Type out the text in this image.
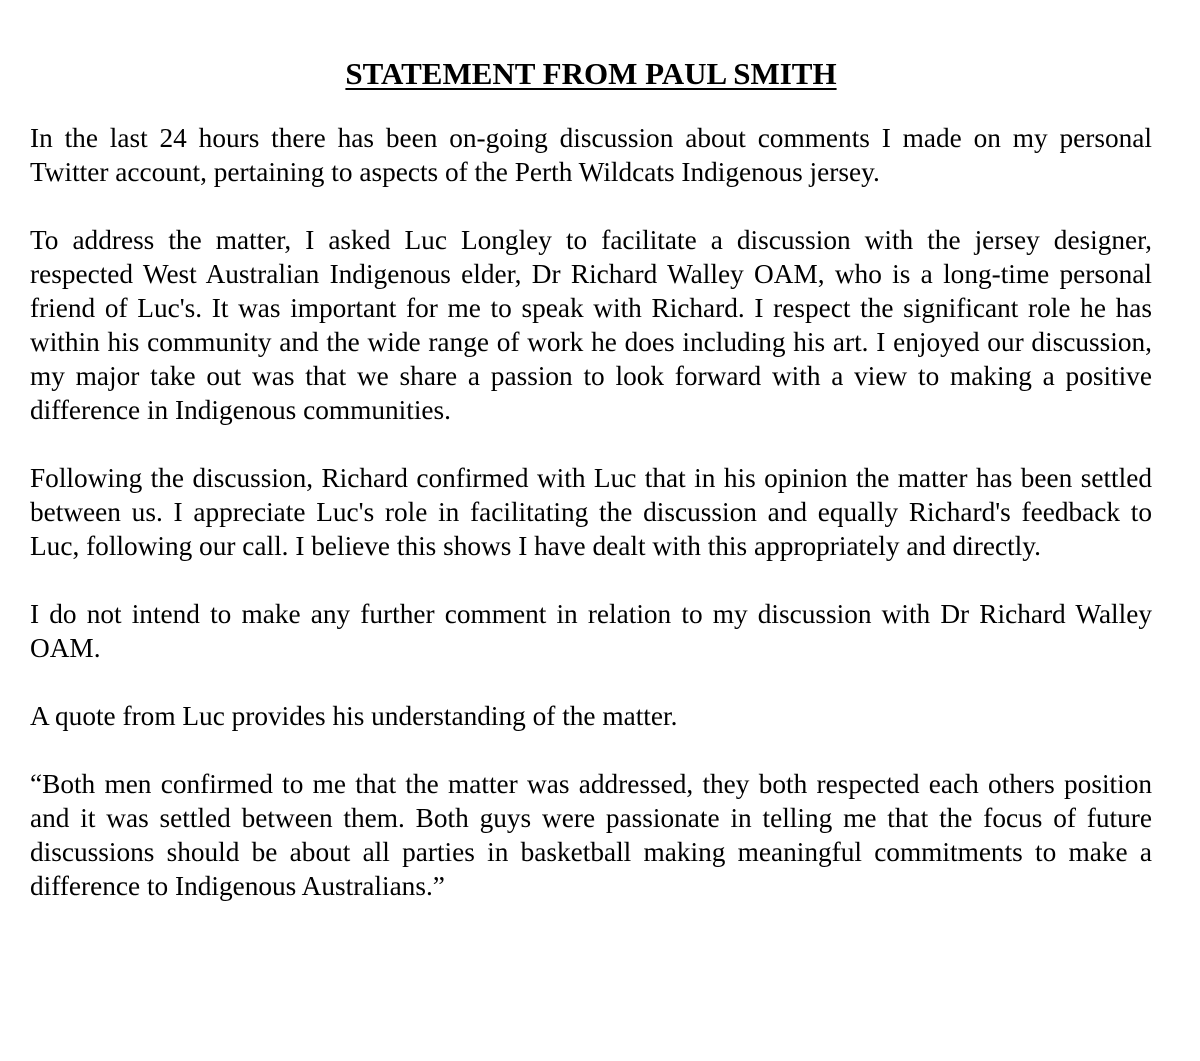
STATEMENT FROM PAUL SMITH

In the last 24 hours there has been on-going discussion about comments I made on my personal Twitter account, pertaining to aspects of the Perth Wildcats Indigenous jersey.

To address the matter, I asked Luc Longley to facilitate a discussion with the jersey designer, respected West Australian Indigenous elder, Dr Richard Walley OAM, who is a long-time personal friend of Luc's. It was important for me to speak with Richard. I respect the significant role he has within his community and the wide range of work he does including his art. I enjoyed our discussion, my major take out was that we share a passion to look forward with a view to making a positive difference in Indigenous communities.

Following the discussion, Richard confirmed with Luc that in his opinion the matter has been settled between us. I appreciate Luc's role in facilitating the discussion and equally Richard's feedback to Luc, following our call. I believe this shows I have dealt with this appropriately and directly.

I do not intend to make any further comment in relation to my discussion with Dr Richard Walley OAM.

A quote from Luc provides his understanding of the matter.

“Both men confirmed to me that the matter was addressed, they both respected each others position and it was settled between them. Both guys were passionate in telling me that the focus of future discussions should be about all parties in basketball making meaningful commitments to make a difference to Indigenous Australians.”
